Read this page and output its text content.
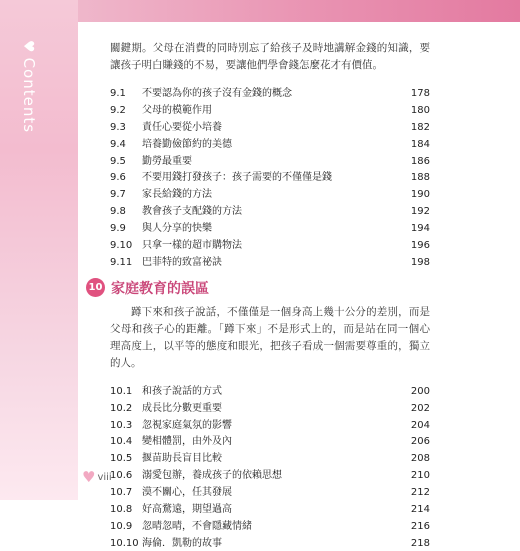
♥Contents

關鍵期。父母在消費的同時別忘了給孩子及時地講解金錢的知識，要讓孩子明白賺錢的不易，要讓他們學會錢怎麼花才有價值。

9.1	不要認為你的孩子沒有金錢的概念	178
9.2	父母的模範作用	180
9.3	責任心要從小培養	182
9.4	培養勤儉節約的美德	184
9.5	勤勞最重要	186
9.6	不要用錢打發孩子：孩子需要的不僅僅是錢	188
9.7	家長給錢的方法	190
9.8	教會孩子支配錢的方法	192
9.9	與人分享的快樂	194
9.10 只拿一樣的超市購物法	196
9.11 巴菲特的致富祕訣	198
10 家庭教育的誤區

蹲下來和孩子說話，不僅僅是一個身高上幾十公分的差別，而是父母和孩子心的距離。「蹲下來」不是形式上的，而是站在同一個心理高度上，以平等的態度和眼光，把孩子看成一個需要尊重的，獨立的人。

10.1 和孩子說話的方式	200
10.2 成長比分數更重要	202
10.3 忽視家庭氣氛的影響	204
10.4 變相體罰，由外及內	206
10.5 揠苗助長盲目比較	208
10.6 溺愛包辦，養成孩子的依賴思想	210
10.7 漠不關心，任其發展	212
10.8 好高騖遠，期望過高	214
10.9 忽晴忽晴，不會隱藏情緒	216
10.10 海倫．凱勒的故事	218
♥ viii
